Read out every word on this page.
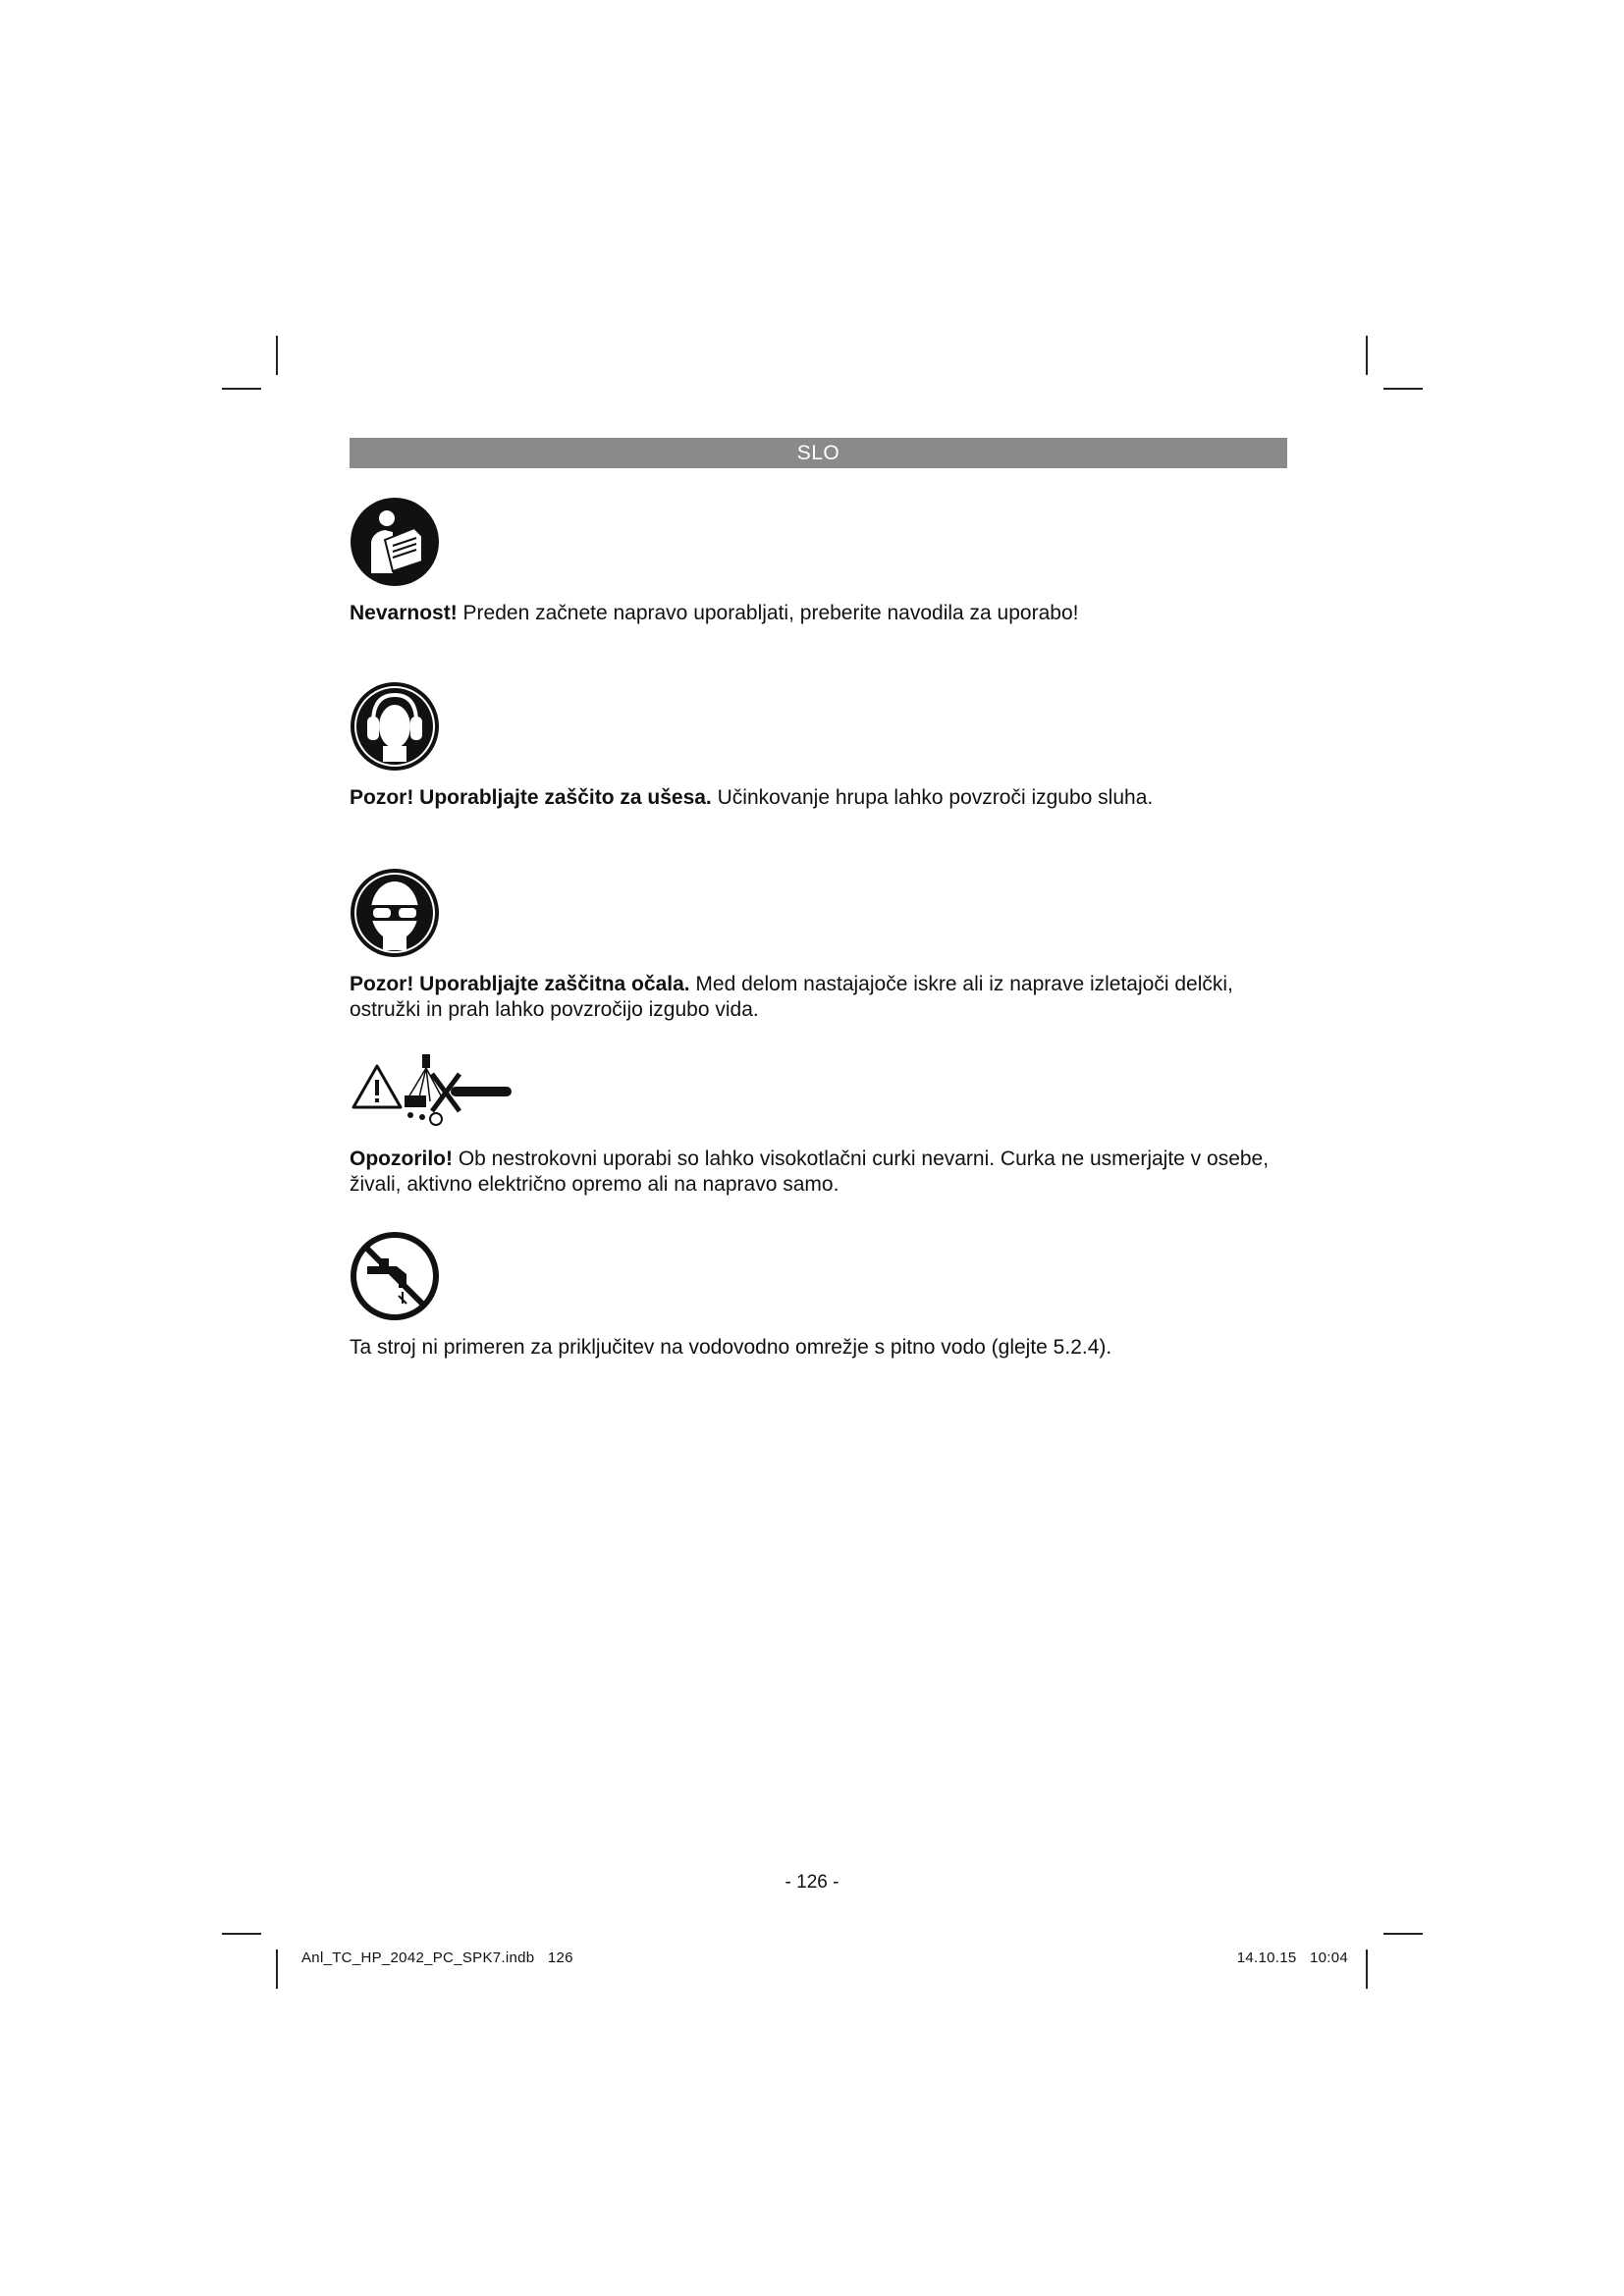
SLO

Nevarnost! Preden začnete napravo uporabljati, preberite navodila za uporabo!

Pozor! Uporabljajte zaščito za ušesa. Učinkovanje hrupa lahko povzroči izgubo sluha.

Pozor! Uporabljajte zaščitna očala. Med delom nastajajoče iskre ali iz naprave izletajoči delčki, ostružki in prah lahko povzročijo izgubo vida.

Opozorilo! Ob nestrokovni uporabi so lahko visokotlačni curki nevarni. Curka ne usmerjajte v osebe, živali, aktivno električno opremo ali na napravo samo.

Ta stroj ni primeren za priključitev na vodovodno omrežje s pitno vodo (glejte 5.2.4).

- 126 -
Anl_TC_HP_2042_PC_SPK7.indb   126	14.10.15   10:04
